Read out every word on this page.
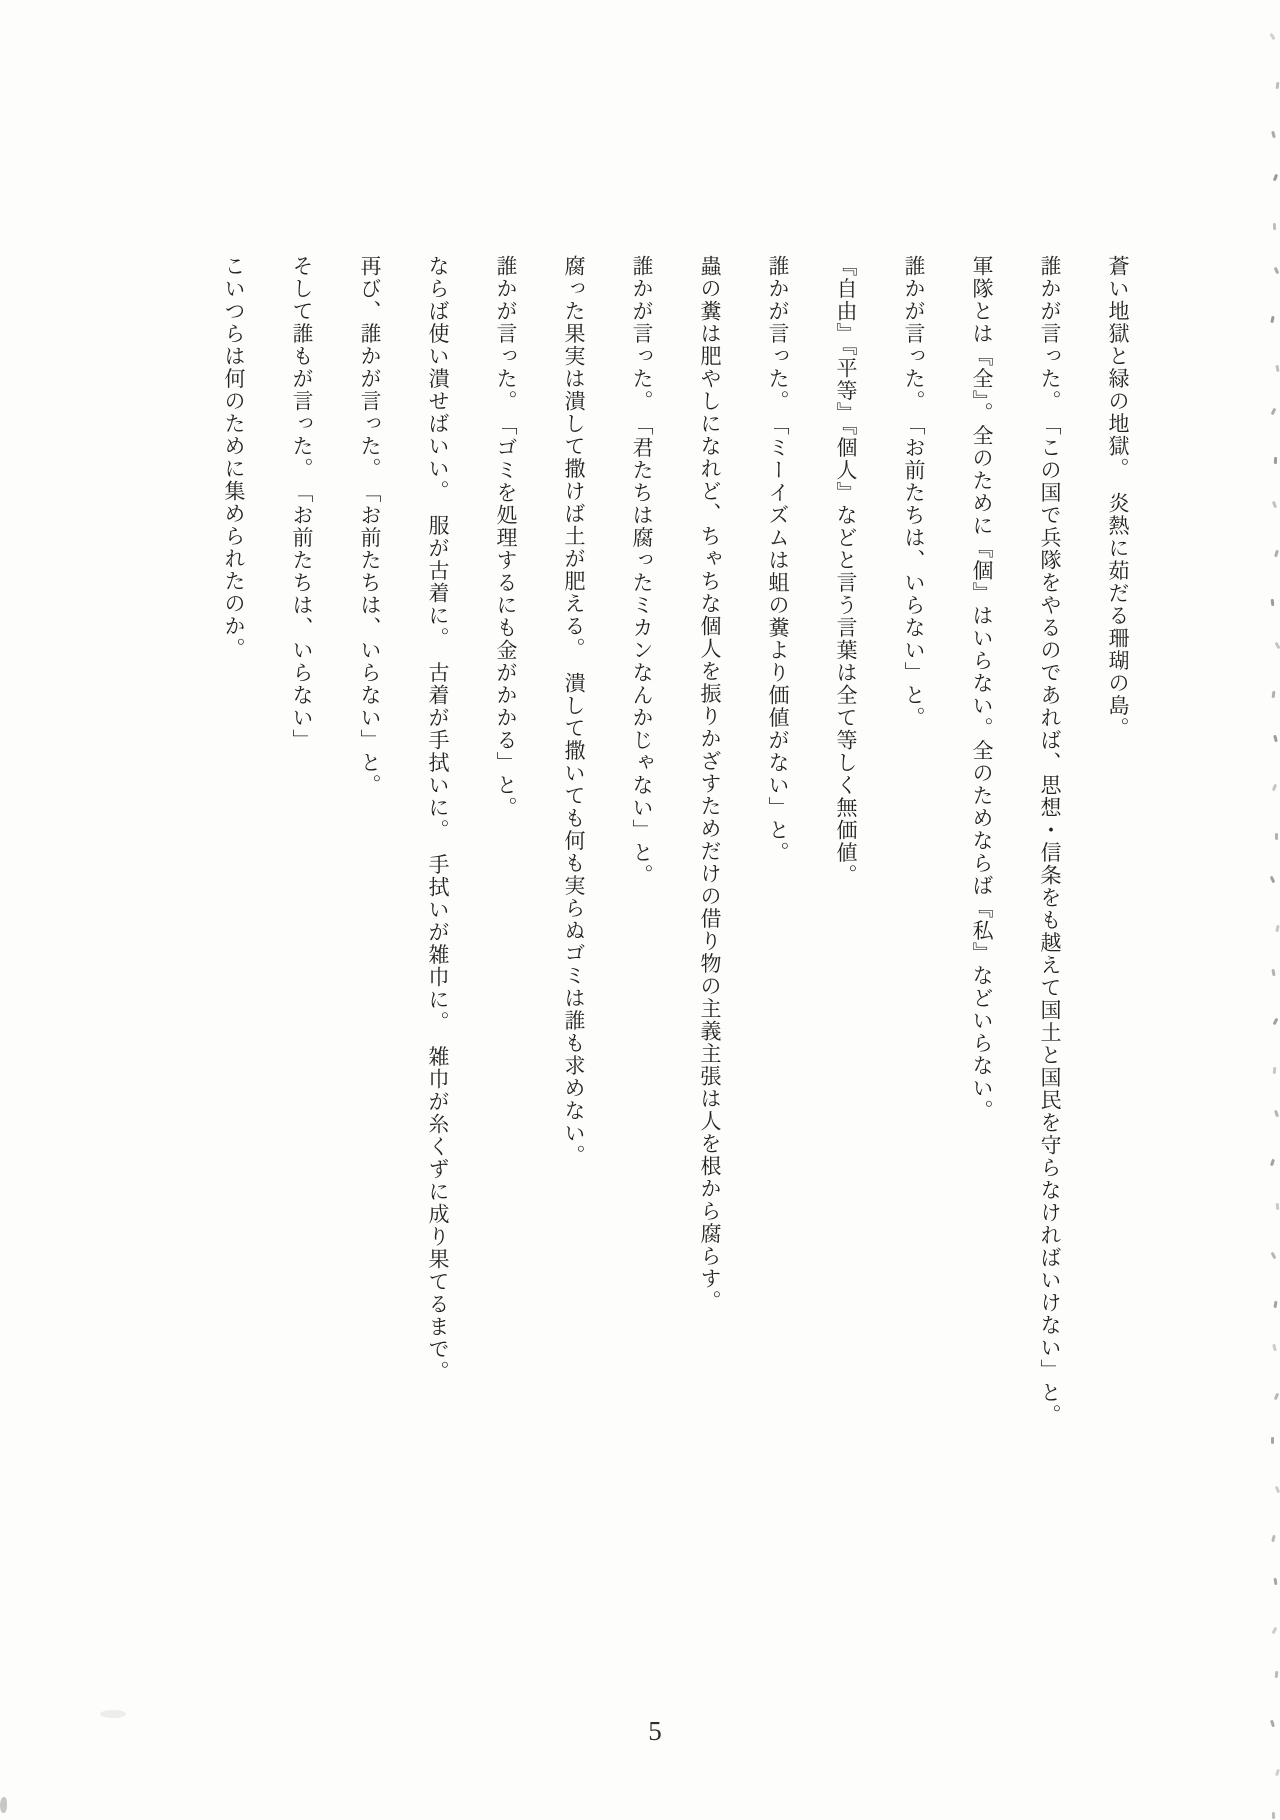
蒼い地獄と緑の地獄。　炎熱に茹だる珊瑚の島。

誰かが言った。　「この国で兵隊をやるのであれば、思想・信条をも越えて国土と国民を守らなければいけない」と。

軍隊とは『全』。全のために『個』はいらない。全のためならば『私』などいらない。

誰かが言った。　「お前たちは、いらない」と。

『自由』『平等』『個人』などと言う言葉は全て等しく無価値。

誰かが言った。　「ミーイズムは蛆の糞より価値がない」と。

蟲の糞は肥やしになれど、ちゃちな個人を振りかざすためだけの借り物の主義主張は人を根から腐らす。

誰かが言った。　「君たちは腐ったミカンなんかじゃない」と。

腐った果実は潰して撒けば土が肥える。　潰して撒いても何も実らぬゴミは誰も求めない。

誰かが言った。　「ゴミを処理するにも金がかかる」と。

ならば使い潰せばいい。　服が古着に。　古着が手拭いに。　手拭いが雑巾に。　雑巾が糸くずに成り果てるまで。

再び、誰かが言った。　「お前たちは、いらない」と。

そして誰もが言った。　「お前たちは、いらない」

こいつらは何のために集められたのか。

5
